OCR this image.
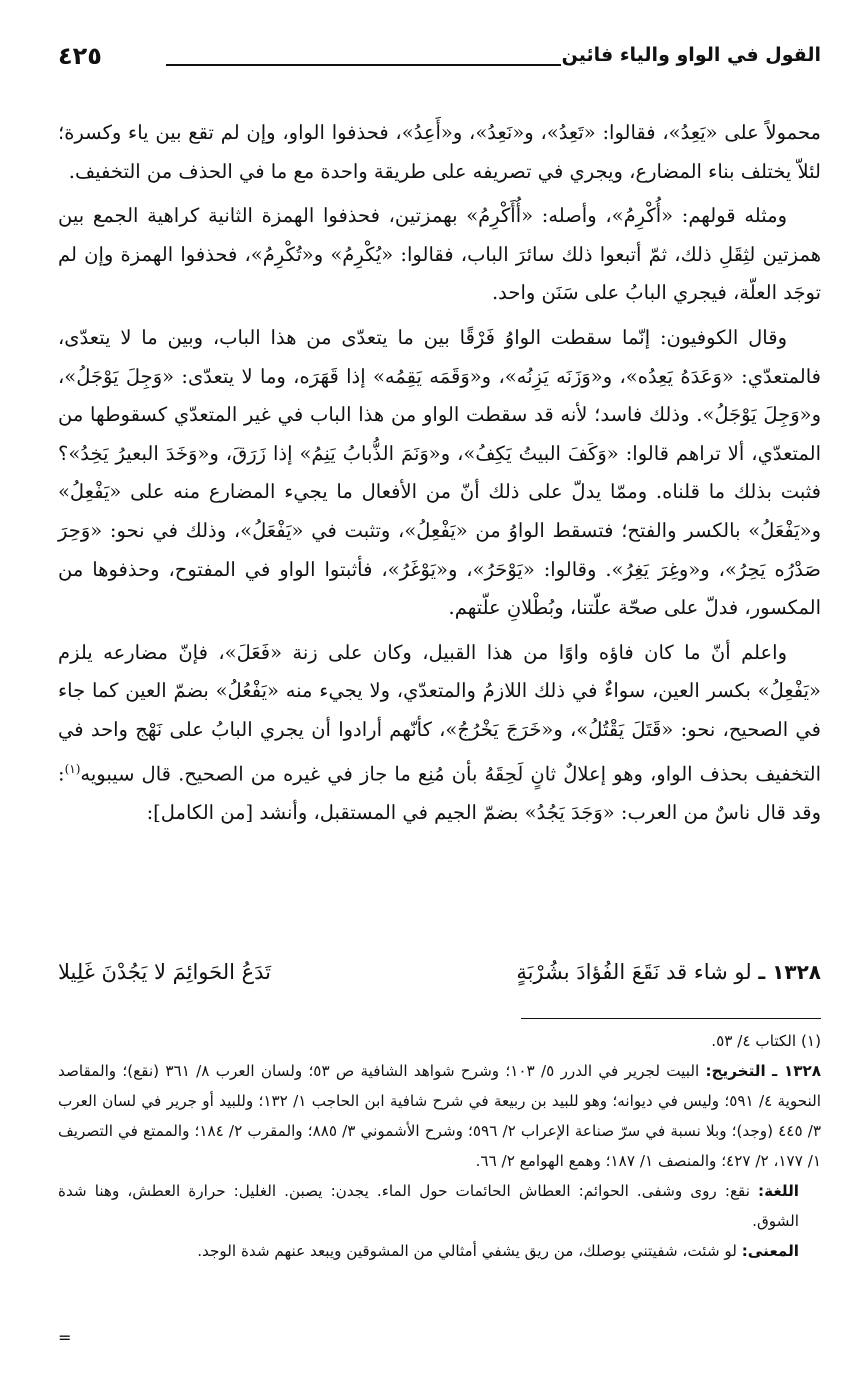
القول في الواو والياء فائين
٤٢٥

محمولاً على «يَعِدُ»، فقالوا: «تَعِدُ»، و«نَعِدُ»، و«أَعِدُ»، فحذفوا الواو، وإن لم تقع بين ياء وكسرة؛ لئلاّ يختلف بناء المضارع، ويجري في تصريفه على طريقة واحدة مع ما في الحذف من التخفيف.

ومثله قولهم: «أُكْرِمُ»، وأصله: «أُأَكْرِمُ» بهمزتين، فحذفوا الهمزة الثانية كراهية الجمع بين همزتين لثِقَلِ ذلك، ثمّ أتبعوا ذلك سائرَ الباب، فقالوا: «يُكْرِمُ» و«تُكْرِمُ»، فحذفوا الهمزة وإن لم توجَد العلّة، فيجري البابُ على سَنَن واحد.

وقال الكوفيون: إنّما سقطت الواوُ فَرْقًا بين ما يتعدّى من هذا الباب، وبين ما لا يتعدّى، فالمتعدّي: «وَعَدَهُ يَعِدُه»، و«وَزَنَه يَزِنُه»، و«وَقَمَه يَقِمُه» إذا قَهَرَه، وما لا يتعدّى: «وَجِلَ يَوْجَلُ»، و«وَجِلَ يَوْجَلُ». وذلك فاسد؛ لأنه قد سقطت الواو من هذا الباب في غير المتعدّي كسقوطها من المتعدّي، ألا تراهم قالوا: «وَكَفَ البيتُ يَكِفُ»، و«وَنَمَ الذُّبابُ يَنِمُ» إذا زَرَقَ، و«وَخَدَ البعيرُ يَخِدُ»؟ فثبت بذلك ما قلناه. وممّا يدلّ على ذلك أنّ من الأفعال ما يجيء المضارع منه على «يَفْعِلُ» و«يَفْعَلُ» بالكسر والفتح؛ فتسقط الواوُ من «يَفْعِلُ»، وتثبت في «يَفْعَلُ»، وذلك في نحو: «وَحِرَ صَدْرُه يَحِرُ»، و«وغِرَ يَغِرُ». وقالوا: «يَوْحَرُ»، و«يَوْغَرُ»، فأثبتوا الواو في المفتوح، وحذفوها من المكسور، فدلّ على صحّة علّتنا، وبُطْلانِ علّتهم.

واعلم أنّ ما كان فاؤه واوًا من هذا القبيل، وكان على زنة «فَعَلَ»، فإنّ مضارعه يلزم «يَفْعِلُ» بكسر العين، سواءٌ في ذلك اللازمُ والمتعدّي، ولا يجيء منه «يَفْعُلُ» بضمّ العين كما جاء في الصحيح، نحو: «قَتَلَ يَقْتُلُ»، و«خَرَجَ يَخْرُجُ»، كأنّهم أرادوا أن يجري البابُ على نَهْج واحد في التخفيف بحذف الواو، وهو إعلالٌ ثانٍ لَحِقَهُ بأن مُنِع ما جاز في غيره من الصحيح. قال سيبويه$^{(١)}$: وقد قال ناسٌ من العرب: «وَجَدَ يَجُدُ» بضمّ الجيم في المستقبل، وأنشد [من الكامل]:

١٣٢٨ ـ لو شاء قد نَقَعَ الفُؤادَ بشُرْبَةٍ
تَدَعُ الحَوائِمَ لا يَجُدْنَ غَلِيلا

(١) الكتاب ٤/ ٥٣.

١٣٢٨ ـ التخريج: البيت لجرير في الدرر ٥/ ١٠٣؛ وشرح شواهد الشافية ص ٥٣؛ ولسان العرب ٨/ ٣٦١ (نقع)؛ والمقاصد النحوية ٤/ ٥٩١؛ وليس في ديوانه؛ وهو للبيد بن ربيعة في شرح شافية ابن الحاجب ١/ ١٣٢؛ وللبيد أو جرير في لسان العرب ٣/ ٤٤٥ (وجد)؛ وبلا نسبة في سرّ صناعة الإعراب ٢/ ٥٩٦؛ وشرح الأشموني ٣/ ٨٨٥؛ والمقرب ٢/ ١٨٤؛ والممتع في التصريف ١/ ١٧٧، ٢/ ٤٢٧؛ والمنصف ١/ ١٨٧؛ وهمع الهوامع ٢/ ٦٦.

اللغة: نقع: روى وشفى. الحوائم: العطاش الحائمات حول الماء. يجدن: يصبن. الغليل: حرارة العطش، وهنا شدة الشوق.

المعنى: لو شئت، شفيتني بوصلك، من ريق يشفي أمثالي من المشوقين ويبعد عنهم شدة الوجد.

=
